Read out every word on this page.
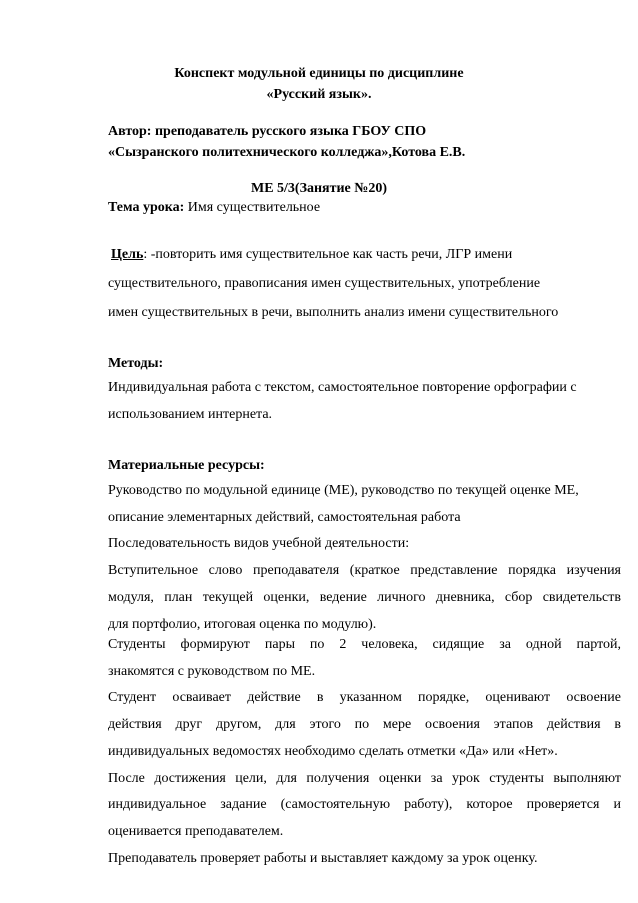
Конспект модульной единицы по дисциплине
«Русский язык».
Автор: преподаватель русского языка ГБОУ СПО
«Сызранского политехнического колледжа»,Котова Е.В.
МЕ 5/3(Занятие №20)
Тема урока: Имя существительное
Цель: -повторить имя существительное как часть речи, ЛГР имени
существительного, правописания имен существительных, употребление
имен существительных в речи, выполнить анализ имени существительного
Методы:
Индивидуальная работа с текстом, самостоятельное повторение орфографии с
использованием интернета.
Материальные ресурсы:
Руководство по модульной единице (МЕ), руководство по текущей оценке МЕ,
описание элементарных действий, самостоятельная работа
Последовательность видов учебной деятельности:
Вступительное слово преподавателя (краткое представление порядка изучения
модуля, план текущей оценки, ведение личного дневника, сбор свидетельств
для портфолио, итоговая оценка по модулю).
Студенты формируют пары по 2 человека, сидящие за одной партой,
знакомятся с руководством по МЕ.
Студент осваивает действие в указанном порядке, оценивают освоение
действия друг другом, для этого по мере освоения этапов действия в
индивидуальных ведомостях необходимо сделать отметки «Да» или «Нет».
После достижения цели, для получения оценки за урок студенты выполняют
индивидуальное задание (самостоятельную работу), которое проверяется и
оценивается преподавателем.
Преподаватель проверяет работы и выставляет каждому за урок оценку.
